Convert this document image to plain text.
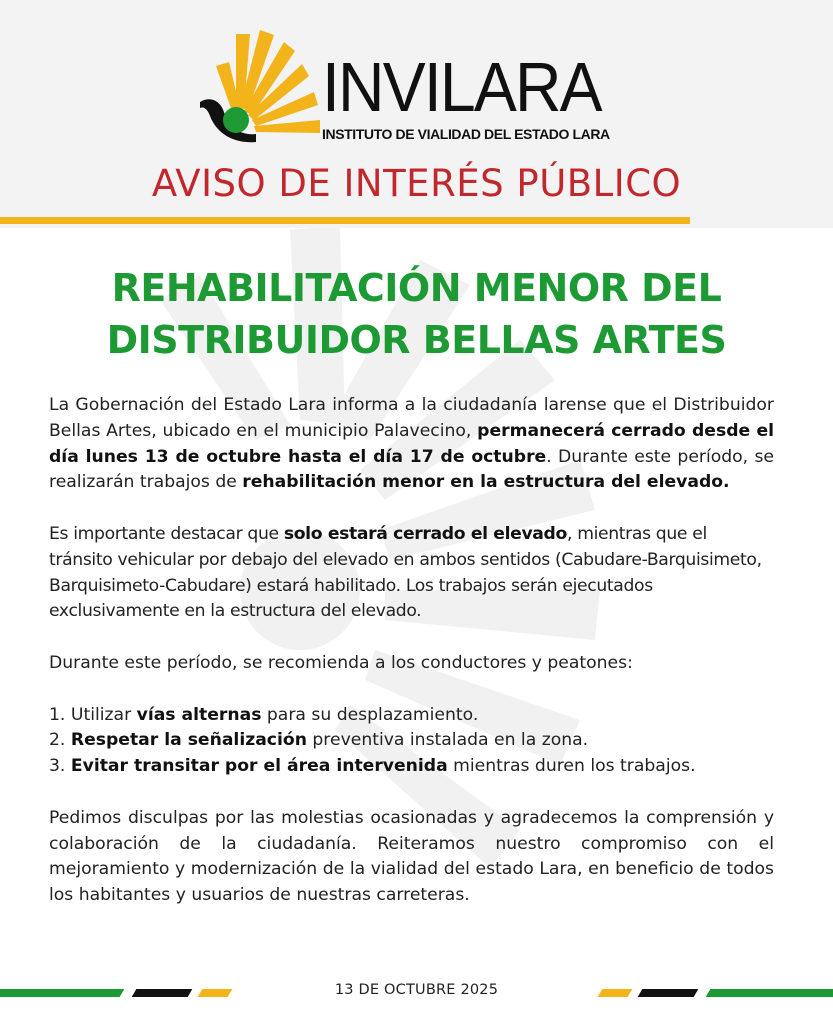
INVILARA
INSTITUTO DE VIALIDAD DEL ESTADO LARA
AVISO DE INTERÉS PÚBLICO
REHABILITACIÓN MENOR DEL
DISTRIBUIDOR BELLAS ARTES

La Gobernación del Estado Lara informa a la ciudadanía larense que el Distribuidor Bellas Artes, ubicado en el municipio Palavecino, permanecerá cerrado desde el día lunes 13 de octubre hasta el día 17 de octubre. Durante este período, se realizarán trabajos de rehabilitación menor en la estructura del elevado.

Es importante destacar que solo estará cerrado el elevado, mientras que el tránsito vehicular por debajo del elevado en ambos sentidos (Cabudare-Barquisimeto, Barquisimeto-Cabudare) estará habilitado. Los trabajos serán ejecutados exclusivamente en la estructura del elevado.

Durante este período, se recomienda a los conductores y peatones:

1. Utilizar vías alternas para su desplazamiento.
2. Respetar la señalización preventiva instalada en la zona.
3. Evitar transitar por el área intervenida mientras duren los trabajos.

Pedimos disculpas por las molestias ocasionadas y agradecemos la comprensión y colaboración de la ciudadanía. Reiteramos nuestro compromiso con el mejoramiento y modernización de la vialidad del estado Lara, en beneficio de todos los habitantes y usuarios de nuestras carreteras.

13 DE OCTUBRE 2025
